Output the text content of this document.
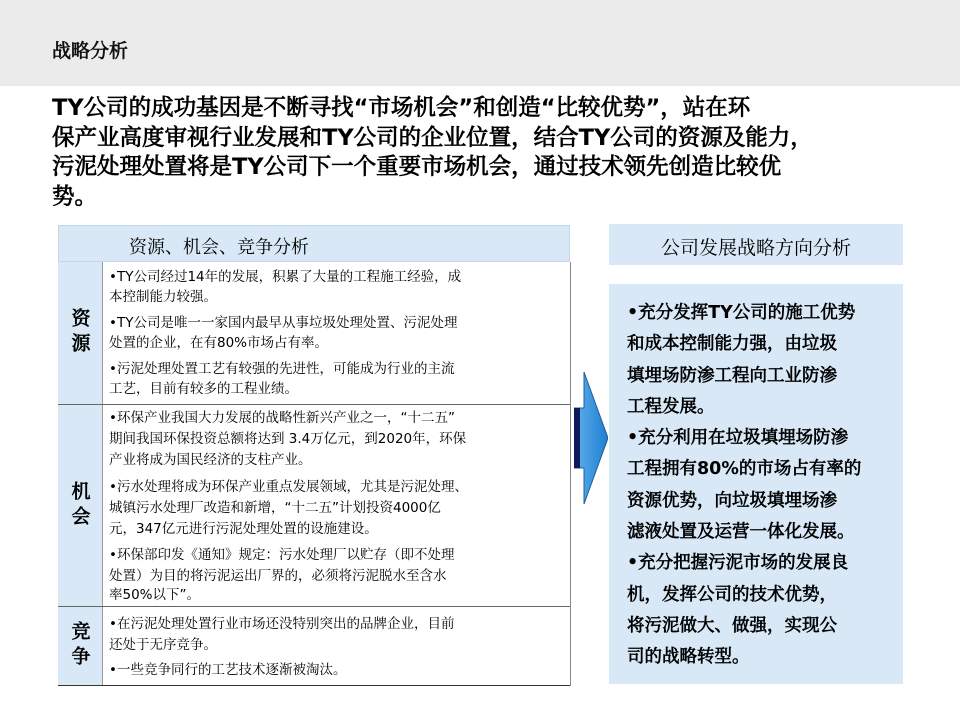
战略分析

TY公司的成功基因是不断寻找“市场机会”和创造“比较优势”，站在环

保产业高度审视行业发展和TY公司的企业位置，结合TY公司的资源及能力，

污泥处理处置将是TY公司下一个重要市场机会，通过技术领先创造比较优

势。

资源、机会、竞争分析
资源
•TY公司经过14年的发展，积累了大量的工程施工经验，成
本控制能力较强。
•TY公司是唯一一家国内最早从事垃圾处理处置、污泥处理
处置的企业，在有80%市场占有率。
•污泥处理处置工艺有较强的先进性，可能成为行业的主流
工艺，目前有较多的工程业绩。
机会
•环保产业我国大力发展的战略性新兴产业之一，“十二五”
期间我国环保投资总额将达到 3.4万亿元，到2020年，环保
产业将成为国民经济的支柱产业。
•污水处理将成为环保产业重点发展领域，尤其是污泥处理、
城镇污水处理厂改造和新增，“十二五”计划投资4000亿
元，347亿元进行污泥处理处置的设施建设。
•环保部印发《通知》规定：污水处理厂以贮存（即不处理
处置）为目的将污泥运出厂界的，必须将污泥脱水至含水
率50%以下”。
竞争 •在污泥处理处置行业市场还没特别突出的品牌企业，目前
还处于无序竞争。
•一些竞争同行的工艺技术逐渐被淘汰。
公司发展战略方向分析

•充分发挥TY公司的施工优势

和成本控制能力强，由垃圾

填埋场防渗工程向工业防渗

工程发展。

•充分利用在垃圾填埋场防渗

工程拥有80%的市场占有率的

资源优势，向垃圾填埋场渗

滤液处置及运营一体化发展。

•充分把握污泥市场的发展良

机，发挥公司的技术优势，

将污泥做大、做强，实现公

司的战略转型。
